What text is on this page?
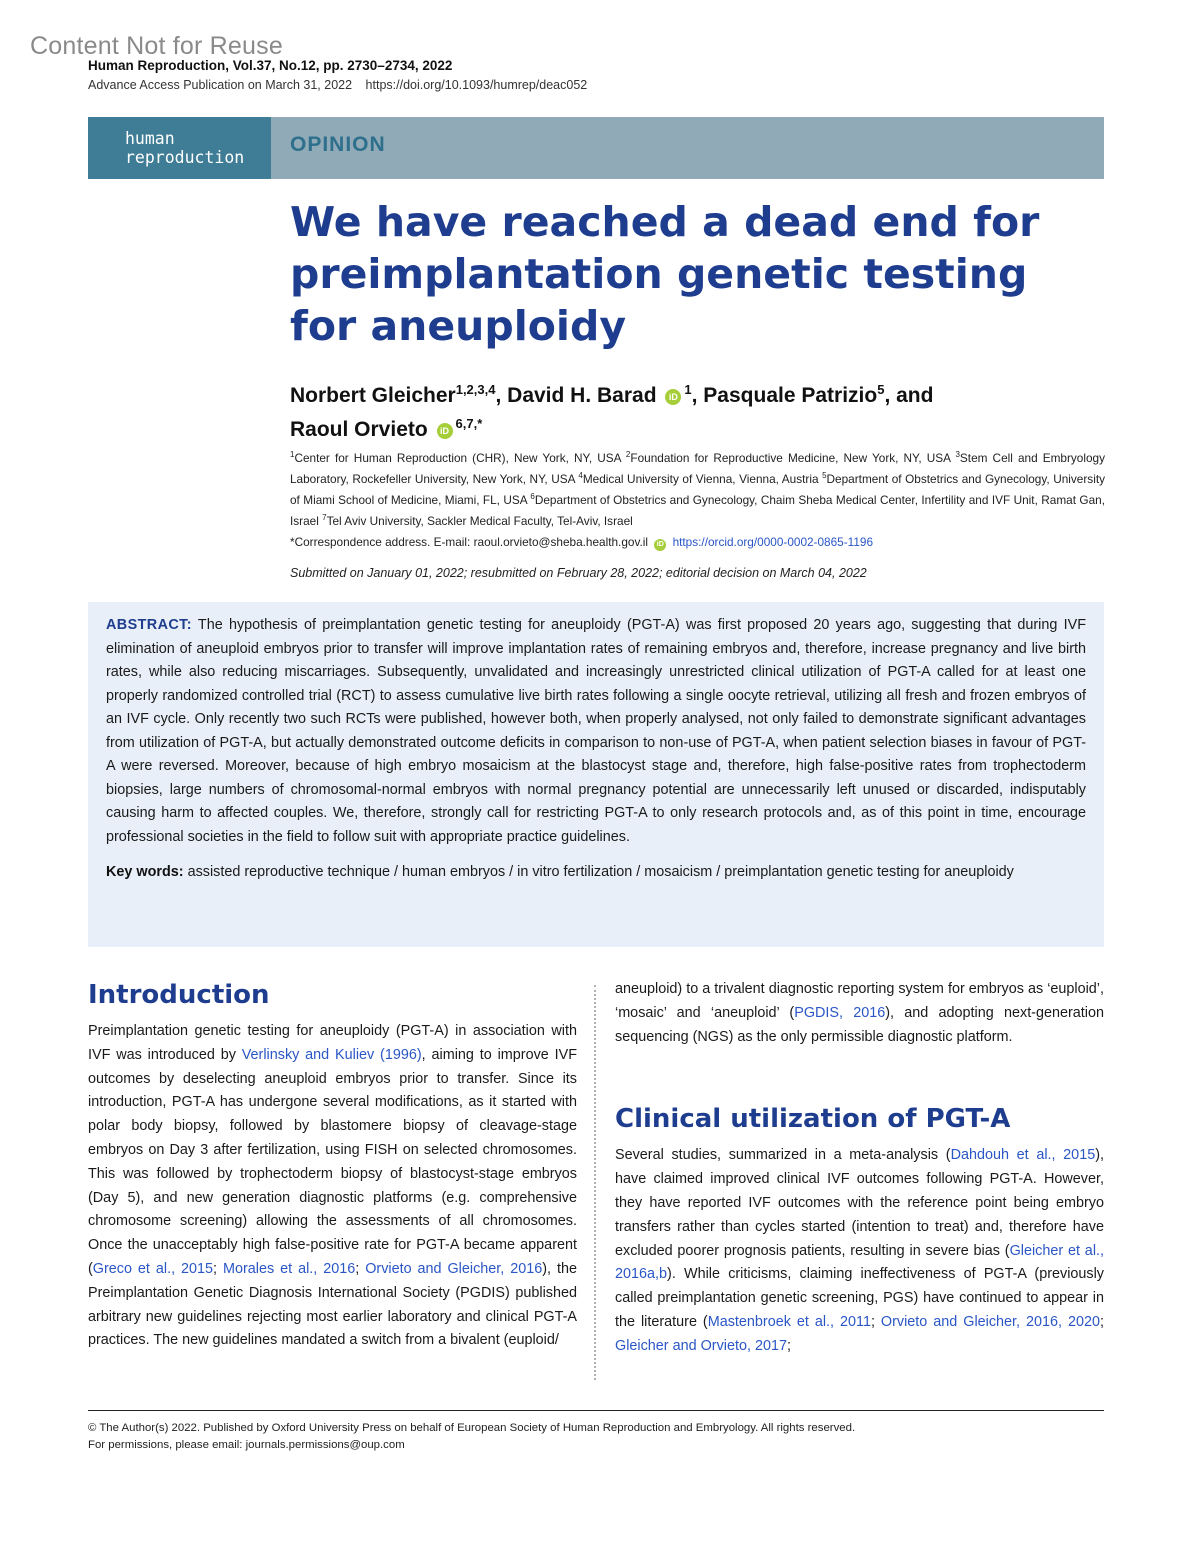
Content Not for Reuse
Human Reproduction, Vol.37, No.12, pp. 2730–2734, 2022
Advance Access Publication on March 31, 2022 https://doi.org/10.1093/humrep/deac052
human
reproduction
OPINION
We have reached a dead end for preimplantation genetic testing for aneuploidy
Norbert Gleicher$^{1,2,3,4}$, David H. Barad iD $^1$, Pasquale Patrizio$^5$, and
Raoul Orvieto iD $^{6,7,*}$

$^1$Center for Human Reproduction (CHR), New York, NY, USA $^2$Foundation for Reproductive Medicine, New York, NY, USA $^3$Stem Cell and Embryology Laboratory, Rockefeller University, New York, NY, USA $^4$Medical University of Vienna, Vienna, Austria $^5$Department of Obstetrics and Gynecology, University of Miami School of Medicine, Miami, FL, USA $^6$Department of Obstetrics and Gynecology, Chaim Sheba Medical Center, Infertility and IVF Unit, Ramat Gan, Israel $^7$Tel Aviv University, Sackler Medical Faculty, Tel-Aviv, Israel

*Correspondence address. E-mail: raoul.orvieto@sheba.health.gov.il iD https://orcid.org/0000-0002-0865-1196
Submitted on January 01, 2022; resubmitted on February 28, 2022; editorial decision on March 04, 2022

ABSTRACT: The hypothesis of preimplantation genetic testing for aneuploidy (PGT-A) was first proposed 20 years ago, suggesting that during IVF elimination of aneuploid embryos prior to transfer will improve implantation rates of remaining embryos and, therefore, increase pregnancy and live birth rates, while also reducing miscarriages. Subsequently, unvalidated and increasingly unrestricted clinical utilization of PGT-A called for at least one properly randomized controlled trial (RCT) to assess cumulative live birth rates following a single oocyte retrieval, utilizing all fresh and frozen embryos of an IVF cycle. Only recently two such RCTs were published, however both, when properly analysed, not only failed to demonstrate significant advantages from utilization of PGT-A, but actually demonstrated outcome deficits in comparison to non-use of PGT-A, when patient selection biases in favour of PGT-A were reversed. Moreover, because of high embryo mosaicism at the blastocyst stage and, therefore, high false-positive rates from trophectoderm biopsies, large numbers of chromosomal-normal embryos with normal pregnancy potential are unnecessarily left unused or discarded, indisputably causing harm to affected couples. We, therefore, strongly call for restricting PGT-A to only research protocols and, as of this point in time, encourage professional societies in the field to follow suit with appropriate practice guidelines.

Key words: assisted reproductive technique / human embryos / in vitro fertilization / mosaicism / preimplantation genetic testing for aneuploidy

Introduction

Preimplantation genetic testing for aneuploidy (PGT-A) in association with IVF was introduced by Verlinsky and Kuliev (1996), aiming to improve IVF outcomes by deselecting aneuploid embryos prior to transfer. Since its introduction, PGT-A has undergone several modifications, as it started with polar body biopsy, followed by blastomere biopsy of cleavage-stage embryos on Day 3 after fertilization, using FISH on selected chromosomes. This was followed by trophectoderm biopsy of blastocyst-stage embryos (Day 5), and new generation diagnostic platforms (e.g. comprehensive chromosome screening) allowing the assessments of all chromosomes. Once the unacceptably high false-positive rate for PGT-A became apparent (Greco et al., 2015; Morales et al., 2016; Orvieto and Gleicher, 2016), the Preimplantation Genetic Diagnosis International Society (PGDIS) published arbitrary new guidelines rejecting most earlier laboratory and clinical PGT-A practices. The new guidelines mandated a switch from a bivalent (euploid/

aneuploid) to a trivalent diagnostic reporting system for embryos as ‘euploid’, ‘mosaic’ and ‘aneuploid’ (PGDIS, 2016), and adopting next-generation sequencing (NGS) as the only permissible diagnostic platform.

Clinical utilization of PGT-A

Several studies, summarized in a meta-analysis (Dahdouh et al., 2015), have claimed improved clinical IVF outcomes following PGT-A. However, they have reported IVF outcomes with the reference point being embryo transfers rather than cycles started (intention to treat) and, therefore have excluded poorer prognosis patients, resulting in severe bias (Gleicher et al., 2016a,b). While criticisms, claiming ineffectiveness of PGT-A (previously called preimplantation genetic screening, PGS) have continued to appear in the literature (Mastenbroek et al., 2011; Orvieto and Gleicher, 2016, 2020; Gleicher and Orvieto, 2017;

© The Author(s) 2022. Published by Oxford University Press on behalf of European Society of Human Reproduction and Embryology. All rights reserved.
For permissions, please email: journals.permissions@oup.com
